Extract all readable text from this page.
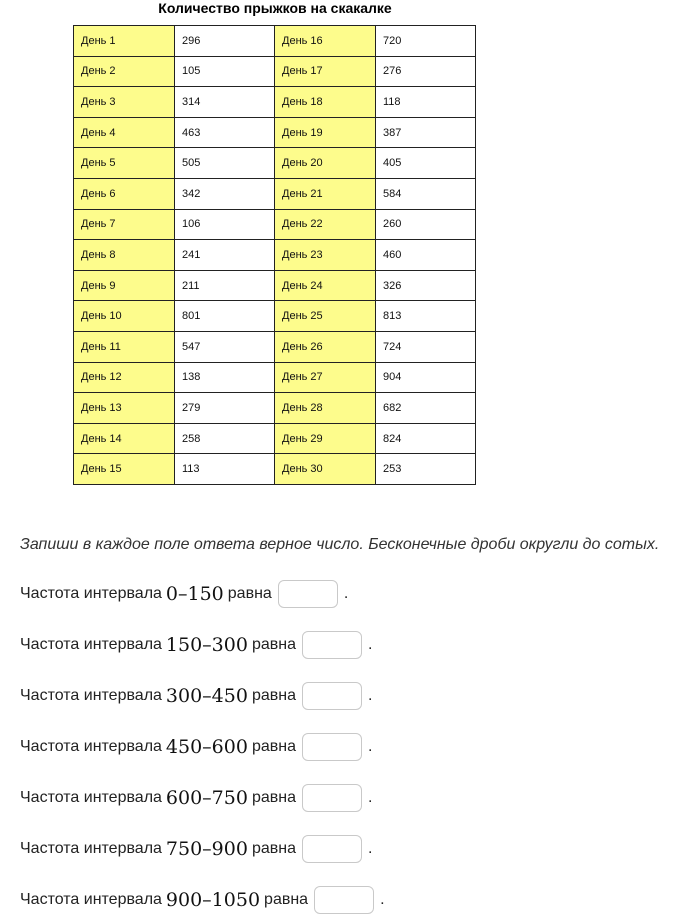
Количество прыжков на скакалке
День 1	296	День 16	720
День 2	105	День 17	276
День 3	314	День 18	118
День 4	463	День 19	387
День 5	505	День 20	405
День 6	342	День 21	584
День 7	106	День 22	260
День 8	241	День 23	460
День 9	211	День 24	326
День 10	801	День 25	813
День 11	547	День 26	724
День 12	138	День 27	904
День 13	279	День 28	682
День 14	258	День 29	824
День 15	113	День 30	253
Запиши в каждое поле ответа верное число. Бесконечные дроби округли до сотых.
Частота интервала 0–150 равна	.
Частота интервала 150–300 равна	.
Частота интервала 300–450 равна	.
Частота интервала 450–600 равна	.
Частота интервала 600–750 равна	.
Частота интервала 750–900 равна	.
Частота интервала 900–1050 равна	.
